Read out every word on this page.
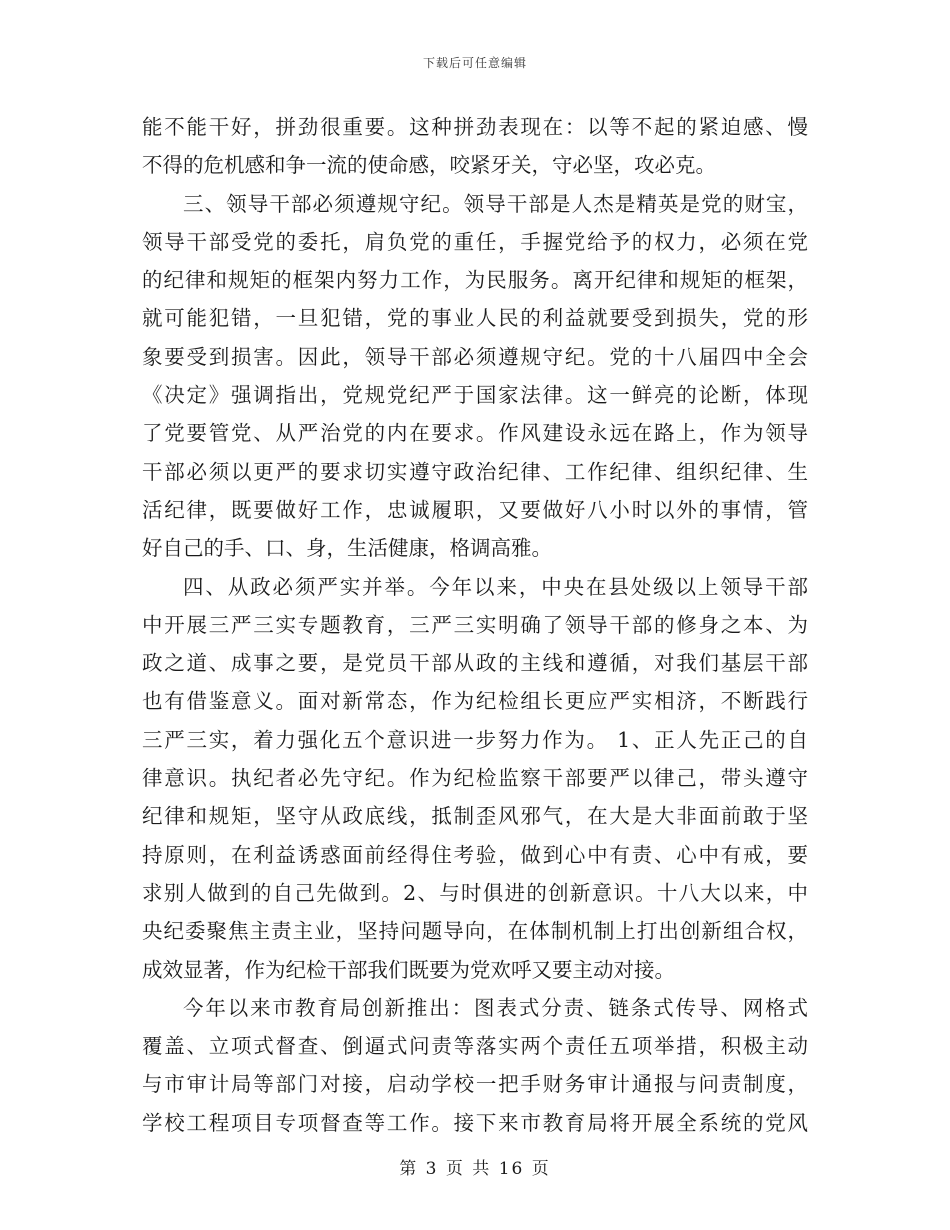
下载后可任意编辑
能不能干好，拼劲很重要。这种拼劲表现在：以等不起的紧迫感、慢
不得的危机感和争一流的使命感，咬紧牙关，守必坚，攻必克。
三、领导干部必须遵规守纪。领导干部是人杰是精英是党的财宝，
领导干部受党的委托，肩负党的重任，手握党给予的权力，必须在党
的纪律和规矩的框架内努力工作，为民服务。离开纪律和规矩的框架，
就可能犯错，一旦犯错，党的事业人民的利益就要受到损失，党的形
象要受到损害。因此，领导干部必须遵规守纪。党的十八届四中全会
《决定》强调指出，党规党纪严于国家法律。这一鲜亮的论断，体现
了党要管党、从严治党的内在要求。作风建设永远在路上，作为领导
干部必须以更严的要求切实遵守政治纪律、工作纪律、组织纪律、生
活纪律，既要做好工作，忠诚履职，又要做好八小时以外的事情，管
好自己的手、口、身，生活健康，格调高雅。
四、从政必须严实并举。今年以来，中央在县处级以上领导干部
中开展三严三实专题教育，三严三实明确了领导干部的修身之本、为
政之道、成事之要，是党员干部从政的主线和遵循，对我们基层干部
也有借鉴意义。面对新常态，作为纪检组长更应严实相济，不断践行
三严三实，着力强化五个意识进一步努力作为。 1、正人先正己的自
律意识。执纪者必先守纪。作为纪检监察干部要严以律己，带头遵守
纪律和规矩，坚守从政底线，抵制歪风邪气，在大是大非面前敢于坚
持原则，在利益诱惑面前经得住考验，做到心中有责、心中有戒，要
求别人做到的自己先做到。2、与时俱进的创新意识。十八大以来，中
央纪委聚焦主责主业，坚持问题导向，在体制机制上打出创新组合权，
成效显著，作为纪检干部我们既要为党欢呼又要主动对接。
今年以来市教育局创新推出：图表式分责、链条式传导、网格式
覆盖、立项式督查、倒逼式问责等落实两个责任五项举措，积极主动
与市审计局等部门对接，启动学校一把手财务审计通报与问责制度，
学校工程项目专项督查等工作。接下来市教育局将开展全系统的党风
第 3 页 共 16 页
